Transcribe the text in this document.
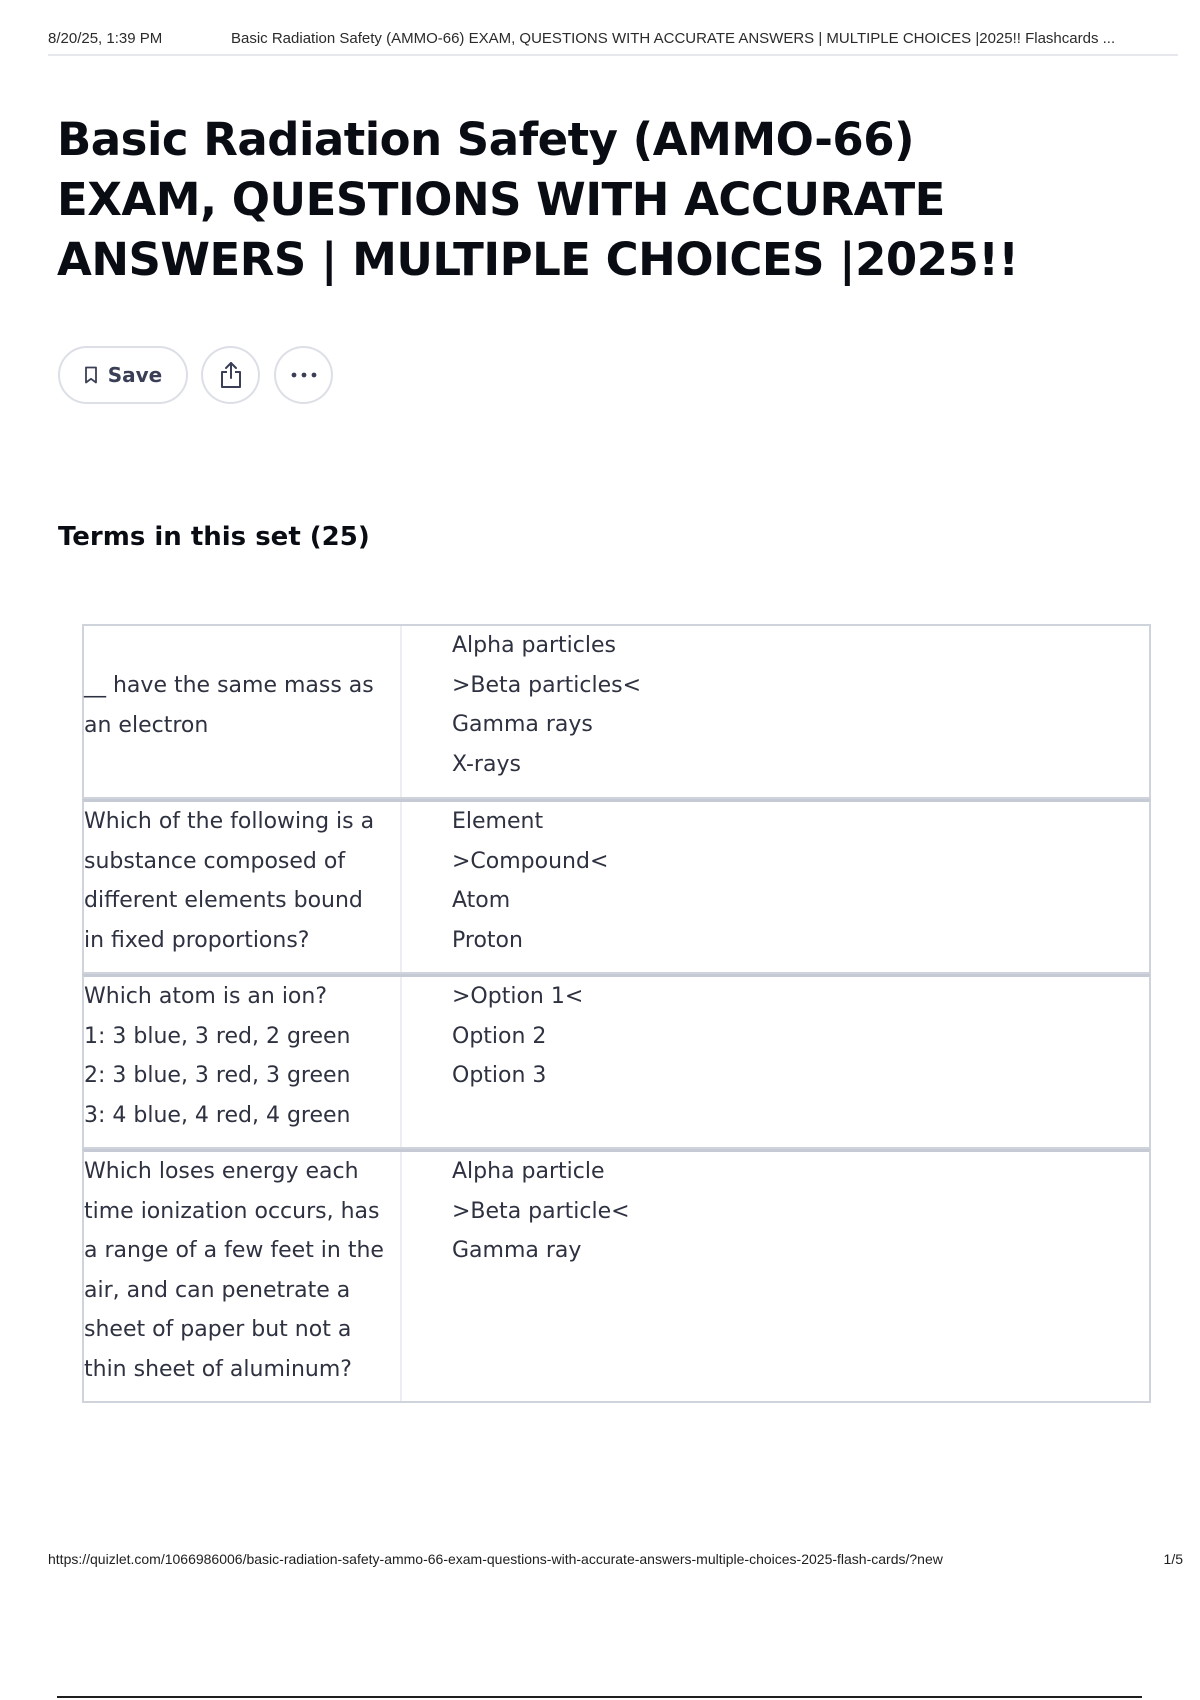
8/20/25, 1:39 PM	Basic Radiation Safety (AMMO-66) EXAM, QUESTIONS WITH ACCURATE ANSWERS | MULTIPLE CHOICES |2025!! Flashcards ...
Basic Radiation Safety (AMMO-66) EXAM, QUESTIONS WITH ACCURATE ANSWERS | MULTIPLE CHOICES |2025!!
Save
Terms in this set (25)
__ have the same mass as
an electron
Alpha particles
>Beta particles<
Gamma rays
X-rays
Which of the following is a
substance composed of
different elements bound
in fixed proportions?
Element
>Compound<
Atom
Proton
Which atom is an ion?
1: 3 blue, 3 red, 2 green
2: 3 blue, 3 red, 3 green
3: 4 blue, 4 red, 4 green
>Option 1<
Option 2
Option 3
Which loses energy each
time ionization occurs, has
a range of a few feet in the
air, and can penetrate a
sheet of paper but not a
thin sheet of aluminum?
Alpha particle
>Beta particle<
Gamma ray
https://quizlet.com/1066986006/basic-radiation-safety-ammo-66-exam-questions-with-accurate-answers-multiple-choices-2025-flash-cards/?new	1/5
